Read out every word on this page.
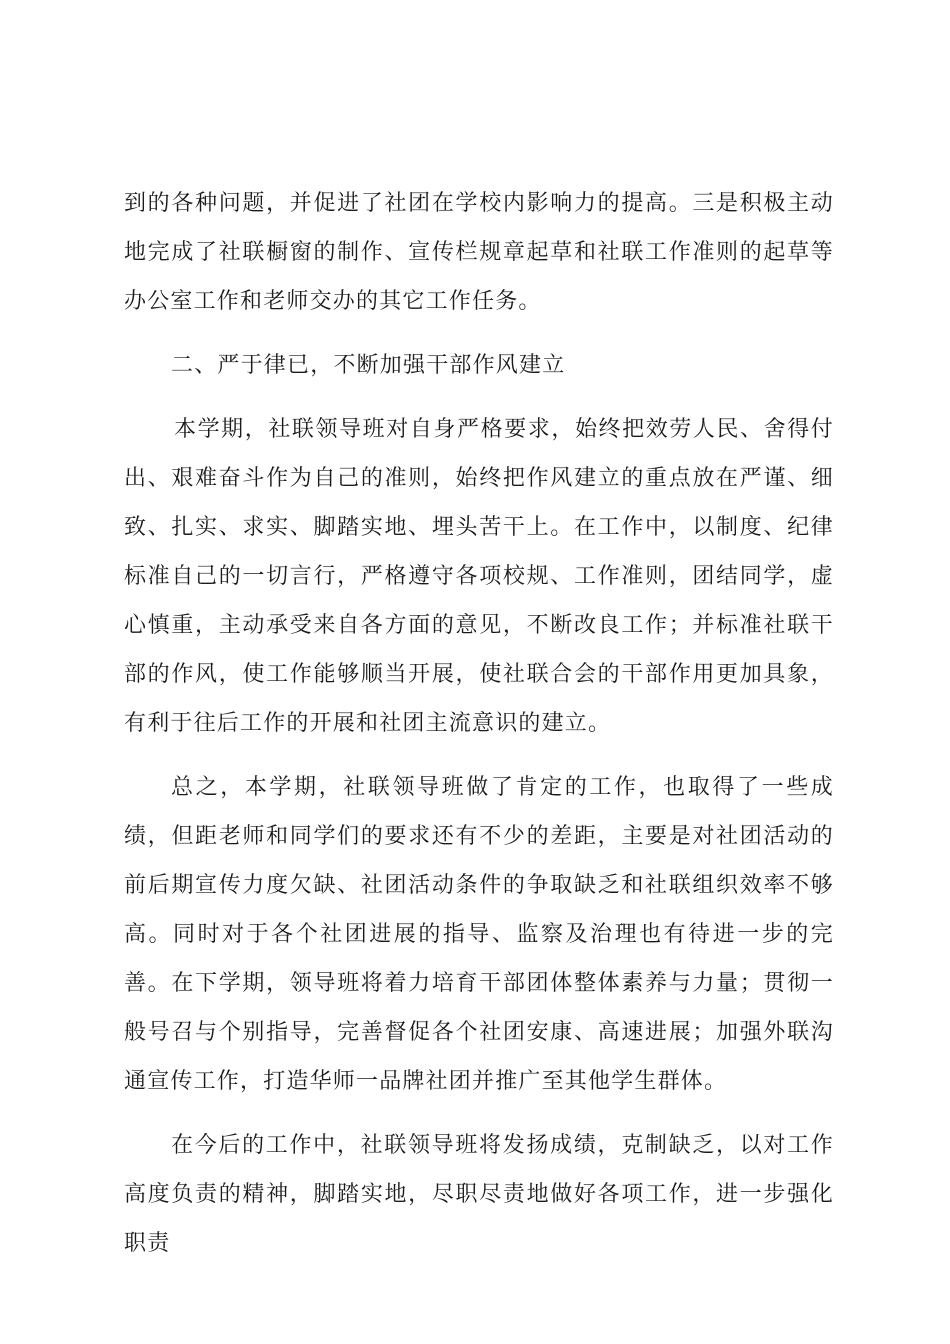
到的各种问题，并促进了社团在学校内影响力的提高。三是积极主动地完成了社联橱窗的制作、宣传栏规章起草和社联工作准则的起草等办公室工作和老师交办的其它工作任务。

二、严于律已，不断加强干部作风建立

本学期，社联领导班对自身严格要求，始终把效劳人民、舍得付出、艰难奋斗作为自己的准则，始终把作风建立的重点放在严谨、细致、扎实、求实、脚踏实地、埋头苦干上。在工作中，以制度、纪律标准自己的一切言行，严格遵守各项校规、工作准则，团结同学，虚心慎重，主动承受来自各方面的意见，不断改良工作；并标准社联干部的作风，使工作能够顺当开展，使社联合会的干部作用更加具象，有利于往后工作的开展和社团主流意识的建立。

总之，本学期，社联领导班做了肯定的工作，也取得了一些成绩，但距老师和同学们的要求还有不少的差距，主要是对社团活动的前后期宣传力度欠缺、社团活动条件的争取缺乏和社联组织效率不够高。同时对于各个社团进展的指导、监察及治理也有待进一步的完善。在下学期，领导班将着力培育干部团体整体素养与力量；贯彻一般号召与个别指导，完善督促各个社团安康、高速进展；加强外联沟通宣传工作，打造华师一品牌社团并推广至其他学生群体。

在今后的工作中，社联领导班将发扬成绩，克制缺乏，以对工作高度负责的精神，脚踏实地，尽职尽责地做好各项工作，进一步强化职责
